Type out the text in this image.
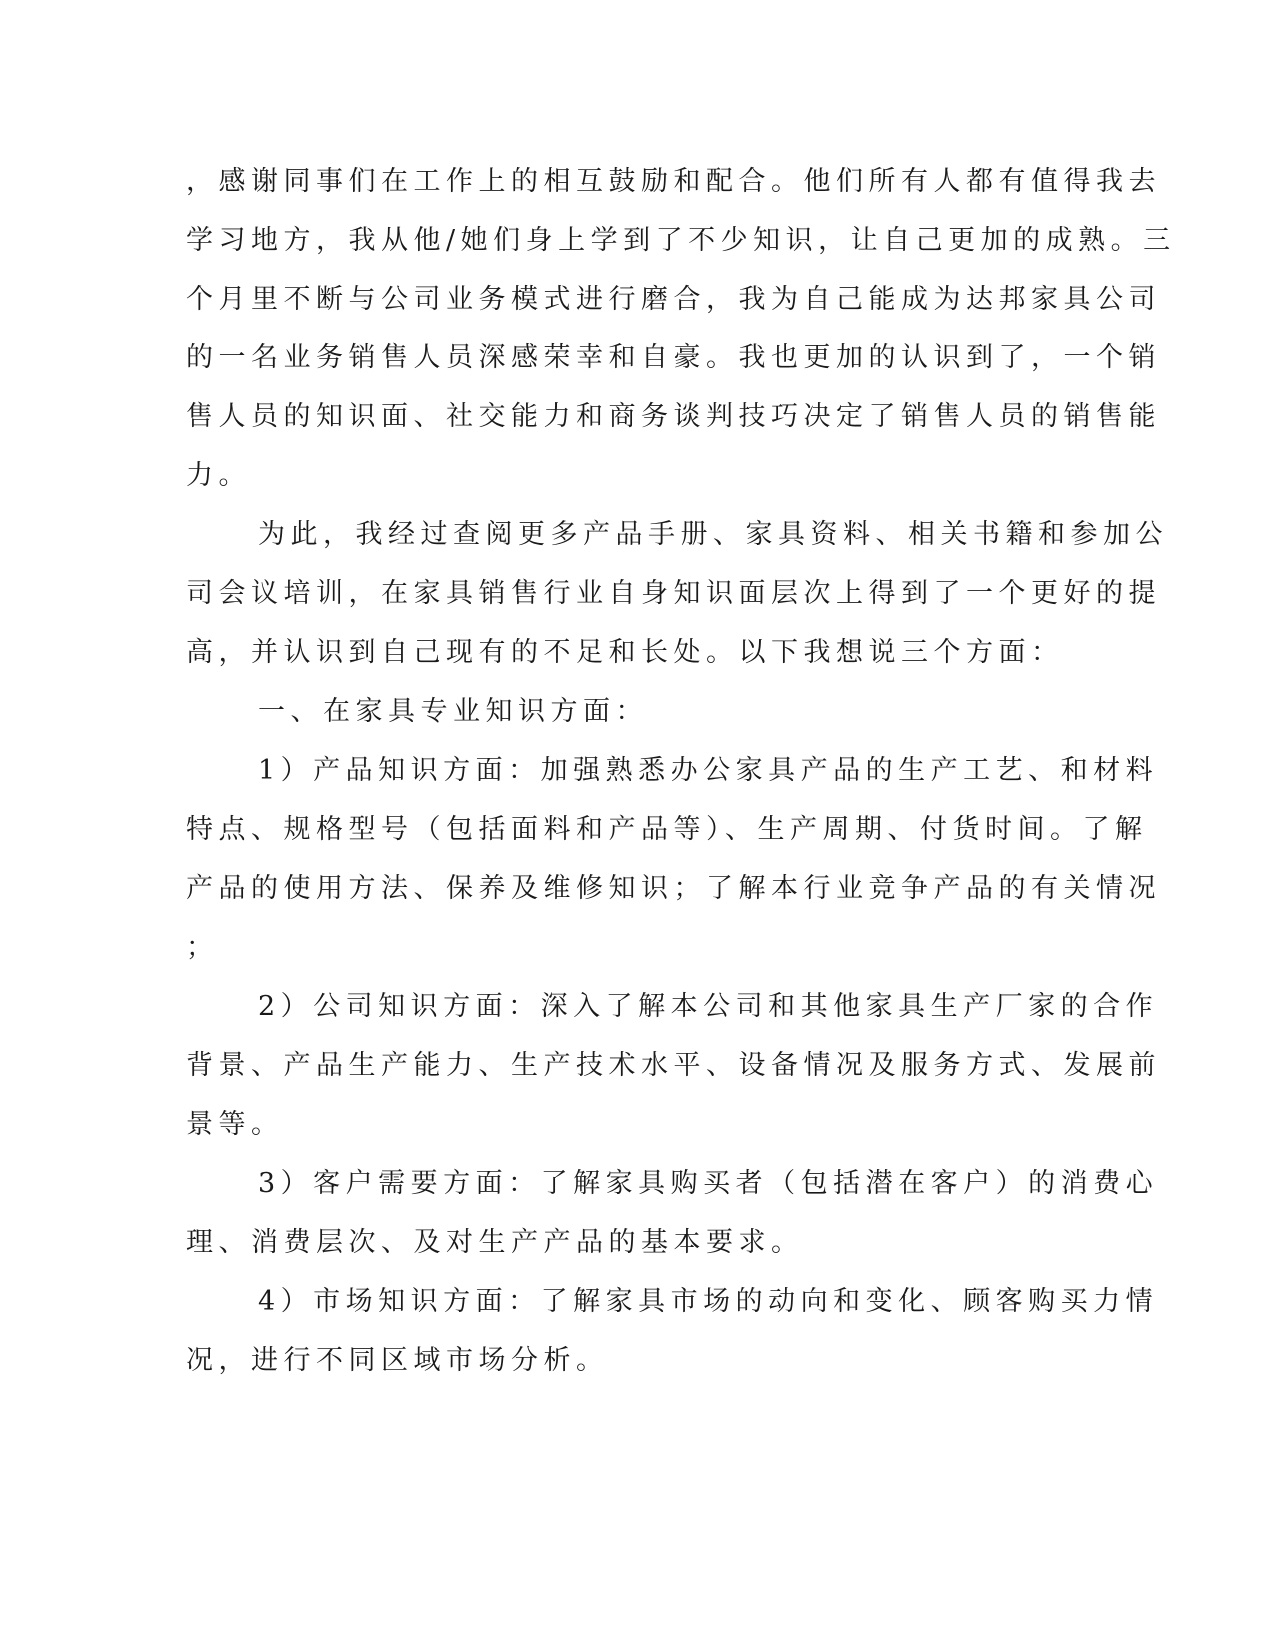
，感谢同事们在工作上的相互鼓励和配合。他们所有人都有值得我去

学习地方，我从他/她们身上学到了不少知识，让自己更加的成熟。三

个月里不断与公司业务模式进行磨合，我为自己能成为达邦家具公司

的一名业务销售人员深感荣幸和自豪。我也更加的认识到了，一个销

售人员的知识面、社交能力和商务谈判技巧决定了销售人员的销售能

力。

为此，我经过查阅更多产品手册、家具资料、相关书籍和参加公

司会议培训，在家具销售行业自身知识面层次上得到了一个更好的提

高，并认识到自己现有的不足和长处。以下我想说三个方面：

一、在家具专业知识方面：

1）产品知识方面：加强熟悉办公家具产品的生产工艺、和材料

特点、规格型号（包括面料和产品等）、生产周期、付货时间。了解

产品的使用方法、保养及维修知识；了解本行业竞争产品的有关情况

；

2）公司知识方面：深入了解本公司和其他家具生产厂家的合作

背景、产品生产能力、生产技术水平、设备情况及服务方式、发展前

景等。

3）客户需要方面：了解家具购买者（包括潜在客户）的消费心

理、消费层次、及对生产产品的基本要求。

4）市场知识方面：了解家具市场的动向和变化、顾客购买力情

况，进行不同区域市场分析。
